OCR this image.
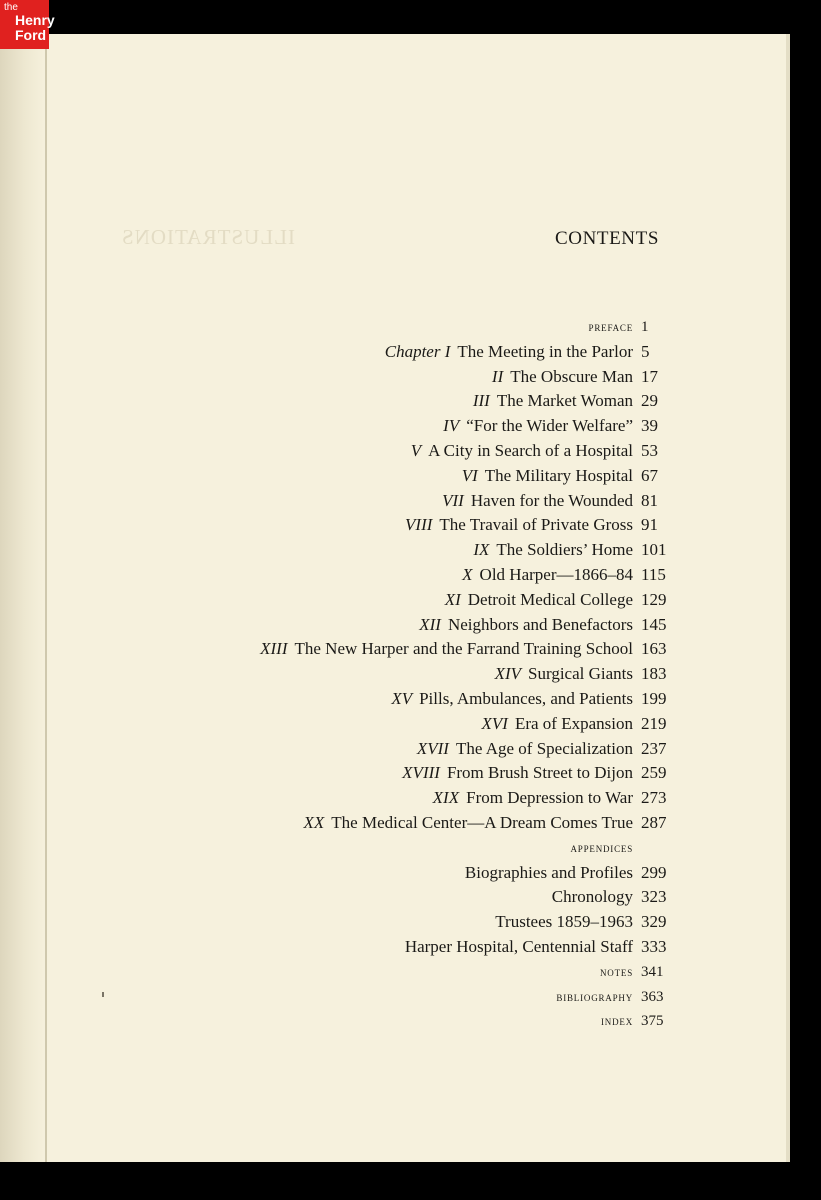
ILLUSTRATIONS
the
Henry
Ford
CONTENTS
preface 1
Chapter I The Meeting in the Parlor 5
II The Obscure Man 17
III The Market Woman 29
IV “For the Wider Welfare” 39
V A City in Search of a Hospital 53
VI The Military Hospital 67
VII Haven for the Wounded 81
VIII The Travail of Private Gross 91
IX The Soldiers’ Home 101
X Old Harper—1866–84 115
XI Detroit Medical College 129
XII Neighbors and Benefactors 145
XIII The New Harper and the Farrand Training School 163
XIV Surgical Giants 183
XV Pills, Ambulances, and Patients 199
XVI Era of Expansion 219
XVII The Age of Specialization 237
XVIII From Brush Street to Dijon 259
XIX From Depression to War 273
XX The Medical Center—A Dream Comes True 287
appendices
Biographies and Profiles 299
Chronology 323
Trustees 1859–1963 329
Harper Hospital, Centennial Staff 333
notes 341
bibliography 363
index 375
